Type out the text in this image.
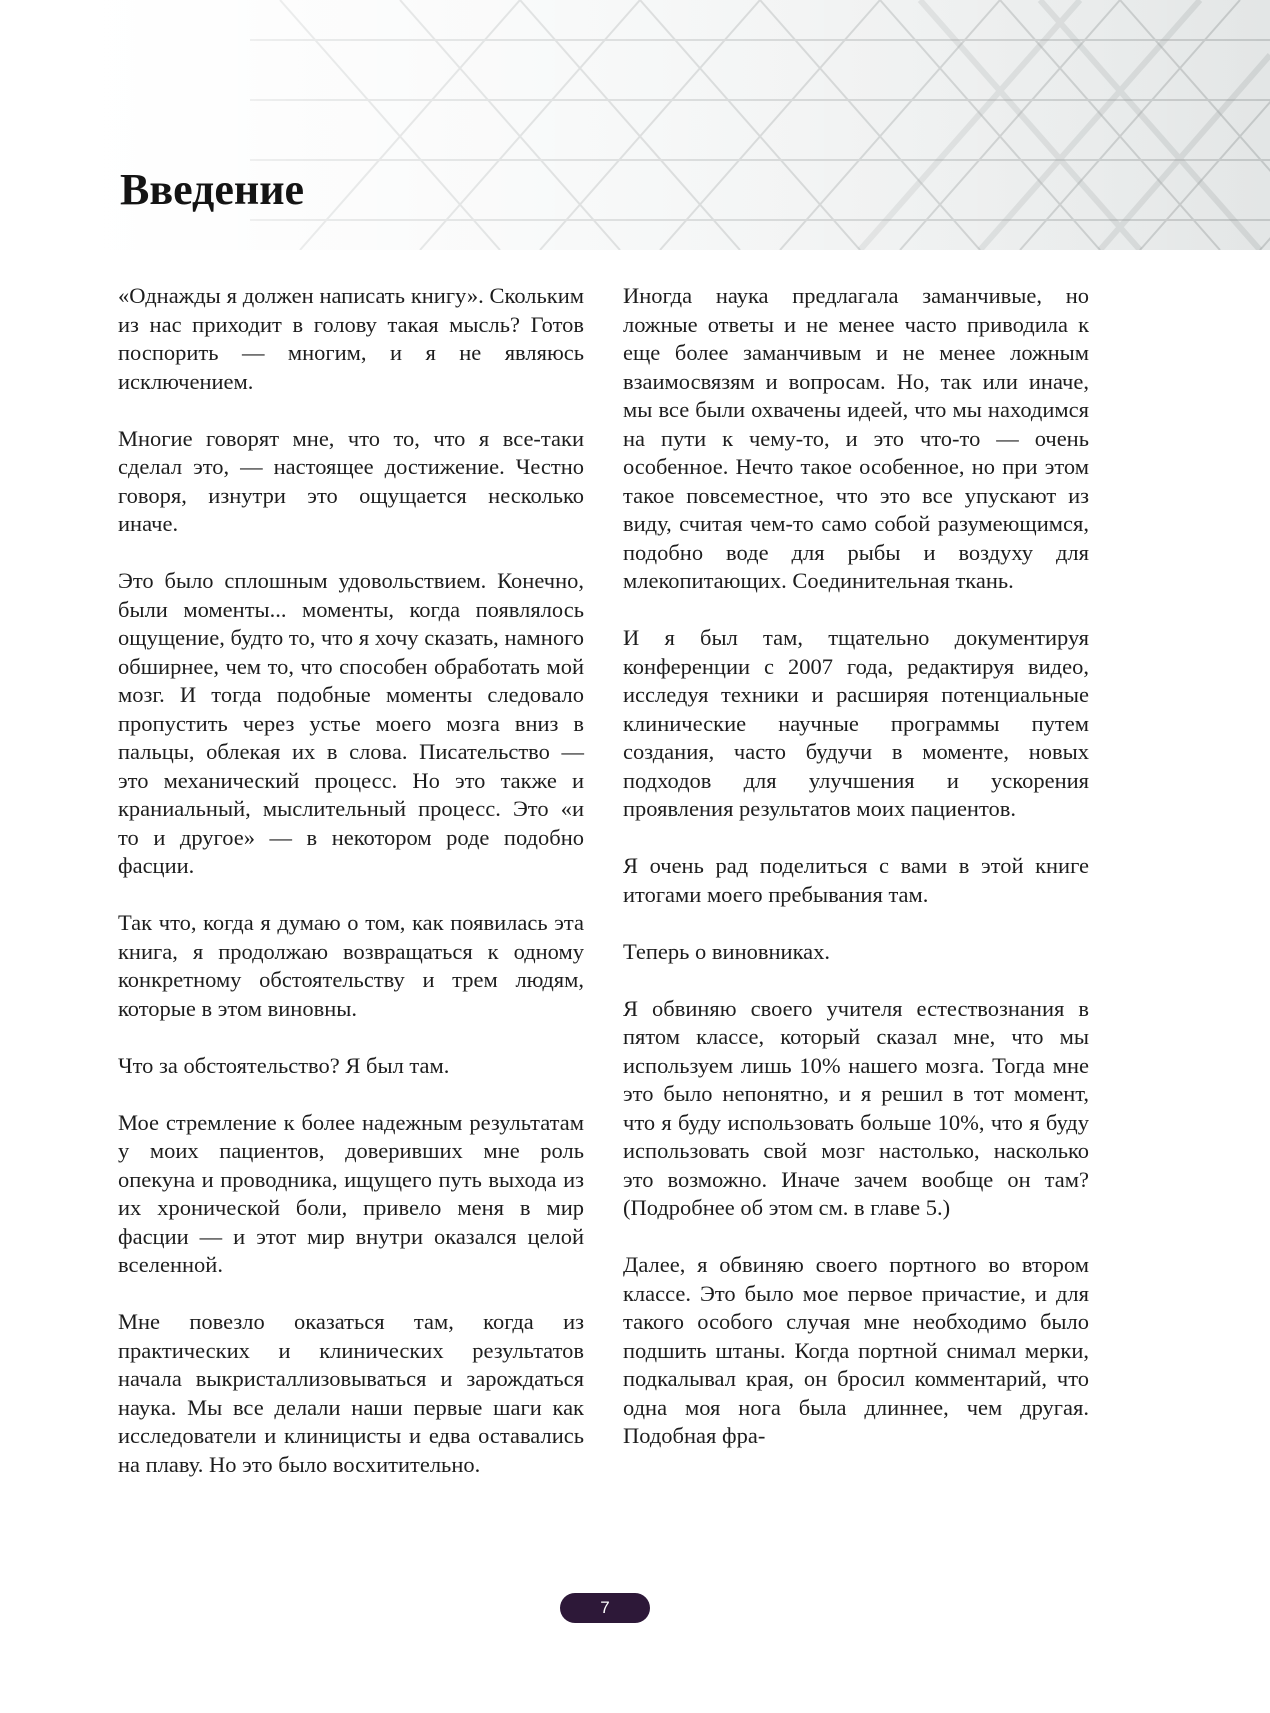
Введение

«Однажды я должен написать книгу». Скольким из нас приходит в голову такая мысль? Готов поспорить — многим, и я не являюсь исключением.

Многие говорят мне, что то, что я все-таки сделал это, — настоящее достижение. Честно говоря, изнутри это ощущается несколько иначе.

Это было сплошным удовольствием. Конечно, были моменты... моменты, когда появлялось ощущение, будто то, что я хочу сказать, намного обширнее, чем то, что способен обработать мой мозг. И тогда подобные моменты следовало пропустить через устье моего мозга вниз в пальцы, облекая их в слова. Писательство — это механический процесс. Но это также и краниальный, мыслительный процесс. Это «и то и другое» — в некотором роде подобно фасции.

Так что, когда я думаю о том, как появилась эта книга, я продолжаю возвращаться к одному конкретному обстоятельству и трем людям, которые в этом виновны.

Что за обстоятельство? Я был там.

Мое стремление к более надежным результатам у моих пациентов, доверивших мне роль опекуна и проводника, ищущего путь выхода из их хронической боли, привело меня в мир фасции — и этот мир внутри оказался целой вселенной.

Мне повезло оказаться там, когда из практических и клинических результатов начала выкристаллизовываться и зарождаться наука. Мы все делали наши первые шаги как исследователи и клиницисты и едва оставались на плаву. Но это было восхитительно.

Иногда наука предлагала заманчивые, но ложные ответы и не менее часто приводила к еще более заманчивым и не менее ложным взаимосвязям и вопросам. Но, так или иначе, мы все были охвачены идеей, что мы находимся на пути к чему-то, и это что-то — очень особенное. Нечто такое особенное, но при этом такое повсеместное, что это все упускают из виду, считая чем-то само собой разумеющимся, подобно воде для рыбы и воздуху для млекопитающих. Соединительная ткань.

И я был там, тщательно документируя конференции с 2007 года, редактируя видео, исследуя техники и расширяя потенциальные клинические научные программы путем создания, часто будучи в моменте, новых подходов для улучшения и ускорения проявления результатов моих пациентов.

Я очень рад поделиться с вами в этой книге итогами моего пребывания там.

Теперь о виновниках.

Я обвиняю своего учителя естествознания в пятом классе, который сказал мне, что мы используем лишь 10% нашего мозга. Тогда мне это было непонятно, и я решил в тот момент, что я буду использовать больше 10%, что я буду использовать свой мозг настолько, насколько это возможно. Иначе зачем вообще он там? (Подробнее об этом см. в главе 5.)

Далее, я обвиняю своего портного во втором классе. Это было мое первое причастие, и для такого особого случая мне необходимо было подшить штаны. Когда портной снимал мерки, подкалывал края, он бросил комментарий, что одна моя нога была длиннее, чем другая. Подобная фра-

7
